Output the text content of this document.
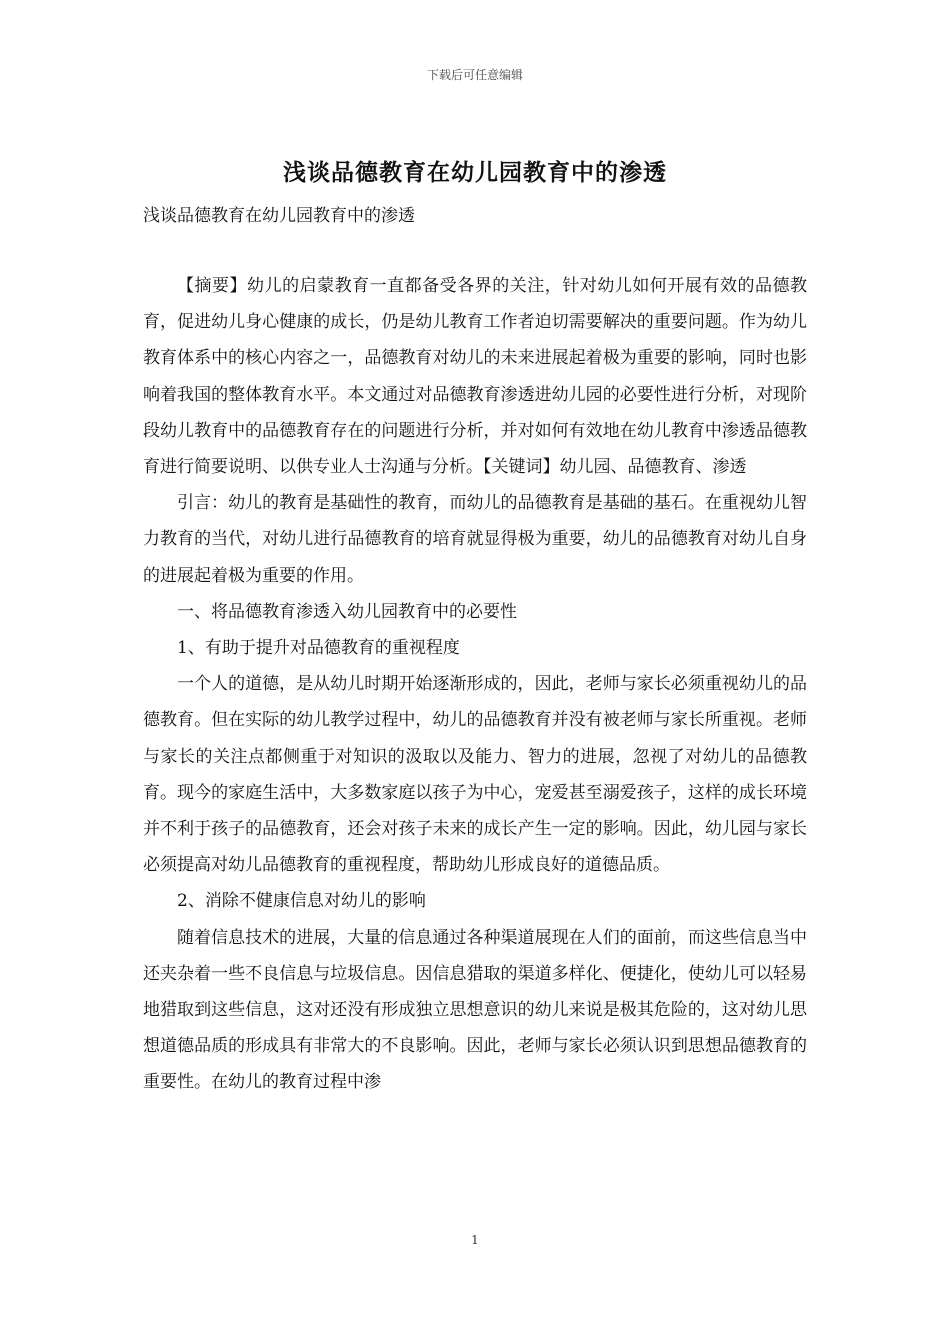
下载后可任意编辑
浅谈品德教育在幼儿园教育中的渗透
浅谈品德教育在幼儿园教育中的渗透

【摘要】幼儿的启蒙教育一直都备受各界的关注，针对幼儿如何开展有效的品德教育，促进幼儿身心健康的成长，仍是幼儿教育工作者迫切需要解决的重要问题。作为幼儿教育体系中的核心内容之一，品德教育对幼儿的未来进展起着极为重要的影响，同时也影响着我国的整体教育水平。本文通过对品德教育渗透进幼儿园的必要性进行分析，对现阶段幼儿教育中的品德教育存在的问题进行分析，并对如何有效地在幼儿教育中渗透品德教育进行简要说明、以供专业人士沟通与分析。【关键词】幼儿园、品德教育、渗透

引言：幼儿的教育是基础性的教育，而幼儿的品德教育是基础的基石。在重视幼儿智力教育的当代，对幼儿进行品德教育的培育就显得极为重要，幼儿的品德教育对幼儿自身的进展起着极为重要的作用。

一、将品德教育渗透入幼儿园教育中的必要性

1、有助于提升对品德教育的重视程度

一个人的道德，是从幼儿时期开始逐渐形成的，因此，老师与家长必须重视幼儿的品德教育。但在实际的幼儿教学过程中，幼儿的品德教育并没有被老师与家长所重视。老师与家长的关注点都侧重于对知识的汲取以及能力、智力的进展，忽视了对幼儿的品德教育。现今的家庭生活中，大多数家庭以孩子为中心，宠爱甚至溺爱孩子，这样的成长环境并不利于孩子的品德教育，还会对孩子未来的成长产生一定的影响。因此，幼儿园与家长必须提高对幼儿品德教育的重视程度，帮助幼儿形成良好的道德品质。

2、消除不健康信息对幼儿的影响

随着信息技术的进展，大量的信息通过各种渠道展现在人们的面前，而这些信息当中还夹杂着一些不良信息与垃圾信息。因信息猎取的渠道多样化、便捷化，使幼儿可以轻易地猎取到这些信息，这对还没有形成独立思想意识的幼儿来说是极其危险的，这对幼儿思想道德品质的形成具有非常大的不良影响。因此，老师与家长必须认识到思想品德教育的重要性。在幼儿的教育过程中渗

1
